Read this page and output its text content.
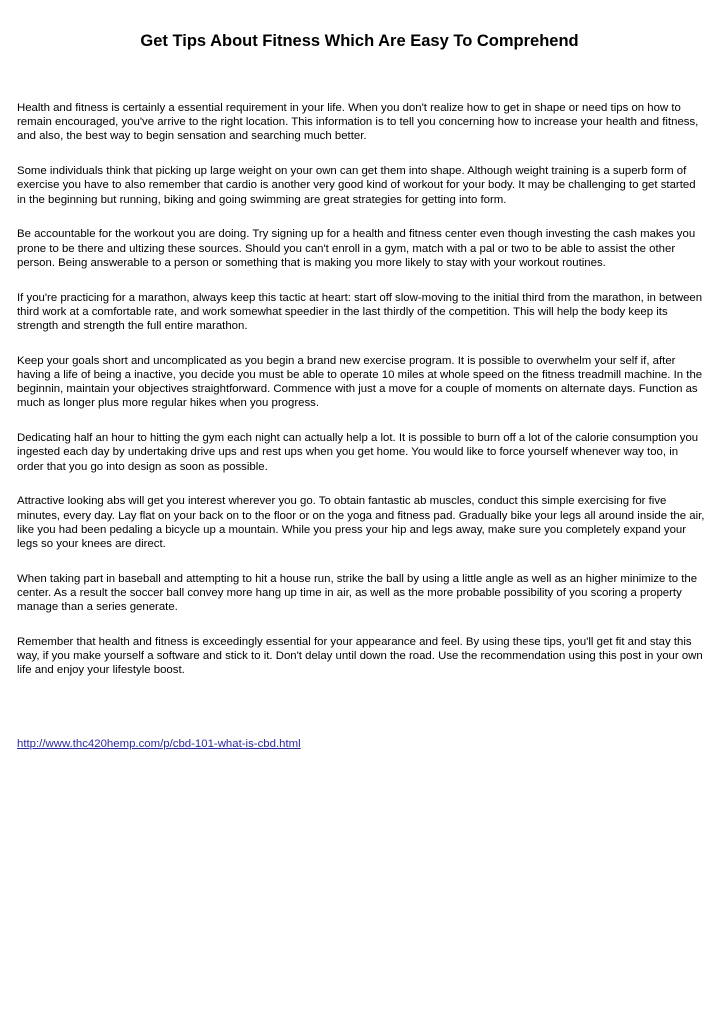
Get Tips About Fitness Which Are Easy To Comprehend

Health and fitness is certainly a essential requirement in your life. When you don't realize how to get in shape or need tips on how to remain encouraged, you've arrive to the right location. This information is to tell you concerning how to increase your health and fitness, and also, the best way to begin sensation and searching much better.

Some individuals think that picking up large weight on your own can get them into shape. Although weight training is a superb form of exercise you have to also remember that cardio is another very good kind of workout for your body. It may be challenging to get started in the beginning but running, biking and going swimming are great strategies for getting into form.

Be accountable for the workout you are doing. Try signing up for a health and fitness center even though investing the cash makes you prone to be there and ultizing these sources. Should you can't enroll in a gym, match with a pal or two to be able to assist the other person. Being answerable to a person or something that is making you more likely to stay with your workout routines.

If you're practicing for a marathon, always keep this tactic at heart: start off slow-moving to the initial third from the marathon, in between third work at a comfortable rate, and work somewhat speedier in the last thirdly of the competition. This will help the body keep its strength and strength the full entire marathon.

Keep your goals short and uncomplicated as you begin a brand new exercise program. It is possible to overwhelm your self if, after having a life of being a inactive, you decide you must be able to operate 10 miles at whole speed on the fitness treadmill machine. In the beginnin, maintain your objectives straightforward. Commence with just a move for a couple of moments on alternate days. Function as much as longer plus more regular hikes when you progress.

Dedicating half an hour to hitting the gym each night can actually help a lot. It is possible to burn off a lot of the calorie consumption you ingested each day by undertaking drive ups and rest ups when you get home. You would like to force yourself whenever way too, in order that you go into design as soon as possible.

Attractive looking abs will get you interest wherever you go. To obtain fantastic ab muscles, conduct this simple exercising for five minutes, every day. Lay flat on your back on to the floor or on the yoga and fitness pad. Gradually bike your legs all around inside the air, like you had been pedaling a bicycle up a mountain. While you press your hip and legs away, make sure you completely expand your legs so your knees are direct.

When taking part in baseball and attempting to hit a house run, strike the ball by using a little angle as well as an higher minimize to the center. As a result the soccer ball convey more hang up time in air, as well as the more probable possibility of you scoring a property manage than a series generate.

Remember that health and fitness is exceedingly essential for your appearance and feel. By using these tips, you'll get fit and stay this way, if you make yourself a software and stick to it. Don't delay until down the road. Use the recommendation using this post in your own life and enjoy your lifestyle boost.

http://www.thc420hemp.com/p/cbd-101-what-is-cbd.html
